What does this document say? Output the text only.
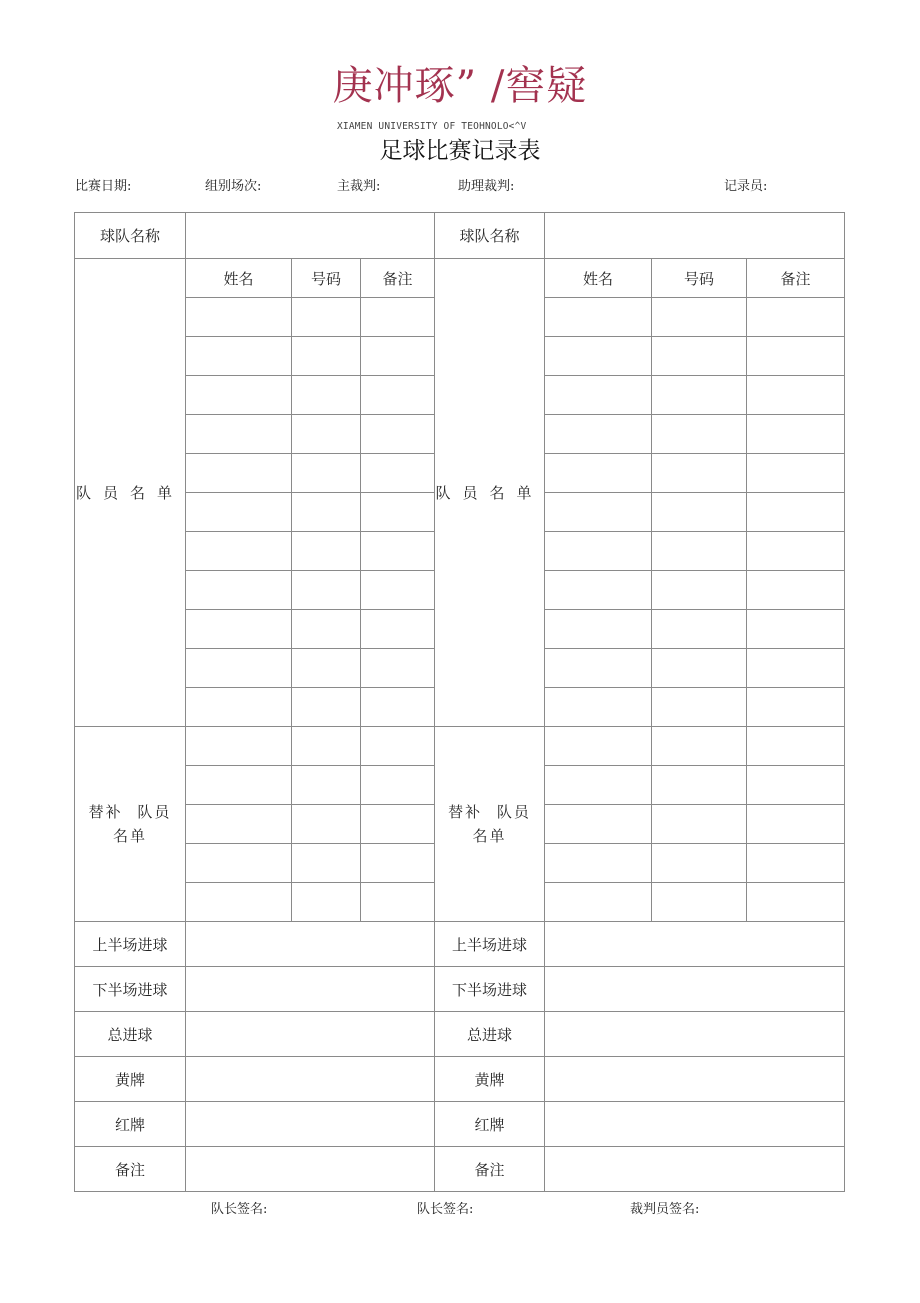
庚冲琢” /窖疑
XIAMEN UNIVERSITY OF TEOHNOLO<^V
足球比赛记录表
比赛日期:	组别场次:	主裁判:	助理裁判:	记录员:
球队名称				球队名称			
队员名单	姓名	号码	备注	队员名单	姓名	号码	备注

替补 队员 名单				替补 队员 名单			

上半场进球				上半场进球			
下半场进球				下半场进球			
总进球				总进球			
黄牌				黄牌			
红牌				红牌			
备注				备注			
队长签名:	队长签名:	裁判员签名:
